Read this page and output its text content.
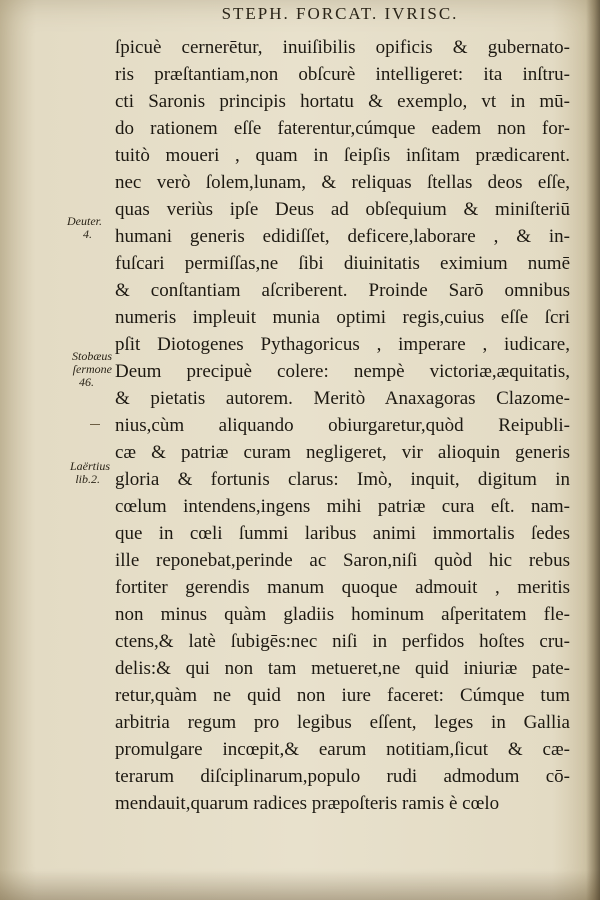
STEPH. FORCAT. IVRISC.
ſpicuè cernerētur, inuiſibilis opificis & gubernato-
ris præſtantiam,non obſcurè intelligeret: ita inſtru-
cti Saronis principis hortatu & exemplo, vt in mū-
do rationem eſſe faterentur,cúmque eadem non for-
tuitò moueri , quam in ſeipſis inſitam prædicarent.
nec verò ſolem,lunam, & reliquas ſtellas deos eſſe,
quas veriùs ipſe Deus ad obſequium & miniſteriū
humani generis edidiſſet, deficere,laborare , & in-
fuſcari permiſſas,ne ſibi diuinitatis eximium numē
& conſtantiam aſcriberent. Proinde Sarō omnibus
numeris impleuit munia optimi regis,cuius eſſe ſcri
pſit Diotogenes Pythagoricus , imperare , iudicare,
Deum precipuè colere: nempè victoriæ,æquitatis,
& pietatis autorem. Meritò Anaxagoras Clazome-
nius,cùm aliquando obiurgaretur,quòd Reipubli-
cæ & patriæ curam negligeret, vir alioquin generis
gloria & fortunis clarus: Imò, inquit, digitum in
cœlum intendens,ingens mihi patriæ cura eſt. nam-
que in cœli ſummi laribus animi immortalis ſedes
ille reponebat,perinde ac Saron,niſi quòd hic rebus
fortiter gerendis manum quoque admouit , meritis
non minus quàm gladiis hominum aſperitatem fle-
ctens,& latè ſubigēs:nec niſi in perfidos hoſtes cru-
delis:& qui non tam metueret,ne quid iniuriæ pate-
retur,quàm ne quid non iure faceret: Cúmque tum
arbitria regum pro legibus eſſent, leges in Gallia
promulgare incœpit,& earum notitiam,ſicut & cæ-
terarum diſciplinarum,populo rudi admodum cō-
mendauit,quarum radices præpoſteris ramis è cœlo
Deuter.
4.
Stobæus
ſermone
46.
Laërtius
lib.2.
